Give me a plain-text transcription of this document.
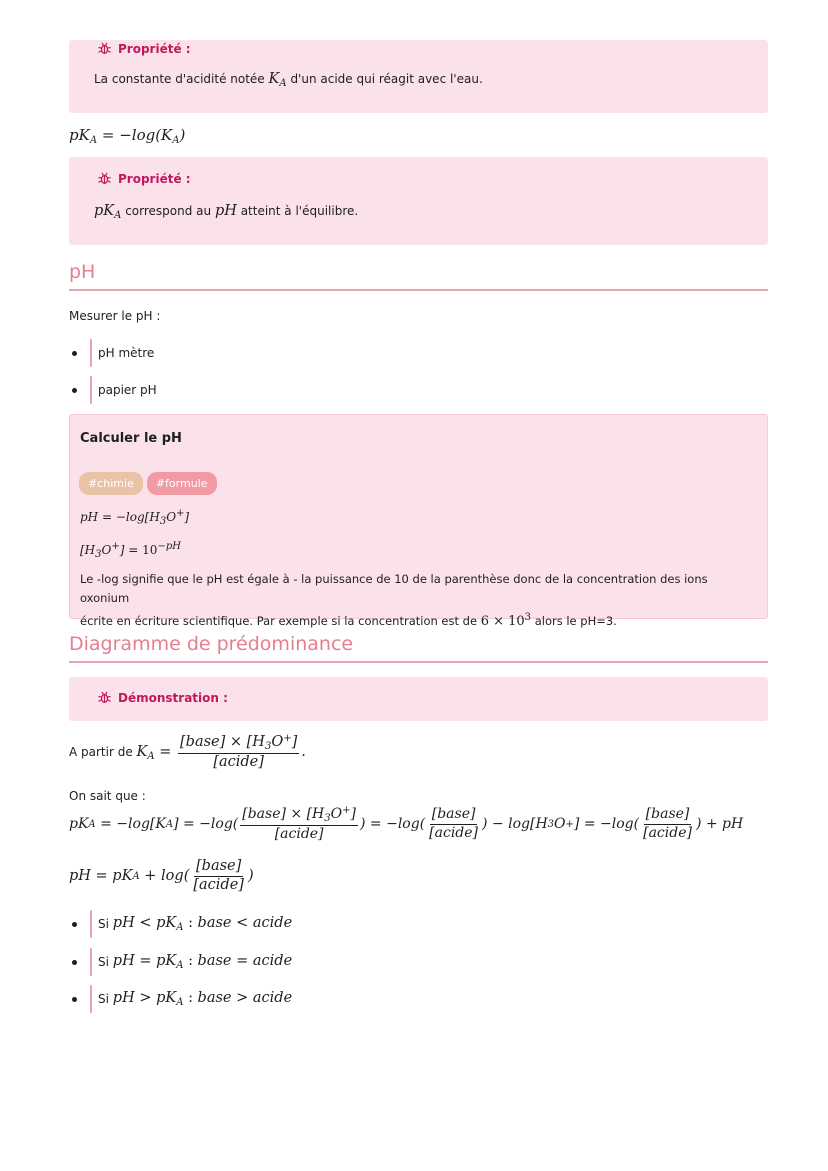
Propriété :
La constante d'acidité notée $K_A$ d'un acide qui réagit avec l'eau.
$pK_A = -\log(K_A)$
Propriété :
$pK_A$ correspond au pH atteint à l'équilibre.
pH
Mesurer le pH :
pH mètre
papier pH
Calculer le pH
#chimie #formule
pH = $-\log[H_3O^+]$
$[H_3O^+] = 10^{-pH}$
Le -log signifie que le pH est égale à - la puissance de 10 de la parenthèse donc de la concentration des ions oxonium
écrite en écriture scientifique. Par exemple si la concentration est de $6 \times 10^3$ alors le pH=3.
Diagramme de prédominance
Démonstration :
A partir de
$K_A = \frac{[base] \times [H_3O^+]}{\text{[acide]}}$ .
On sait que :
pK A
=
− log[K A ] =
− $\log( \frac{[base] \times [H_3O^+]}{\text{[acide]}}$ ) =
− $\log( \frac{\text{[base]}}{\text{[acide]}}$ ) − log[H 3 O + ] =
− $\log( \frac{\text{[base]}}{\text{[acide]}}$ ) + pH
pH = pK A
+ $\log( \frac{\text{[base]}}{\text{[acide]}}$ )
Si
pH < $pK_A$ : base < acide
Si
pH = $pK_A$ : base = acide
Si
pH > $pK_A$ : base > acide
